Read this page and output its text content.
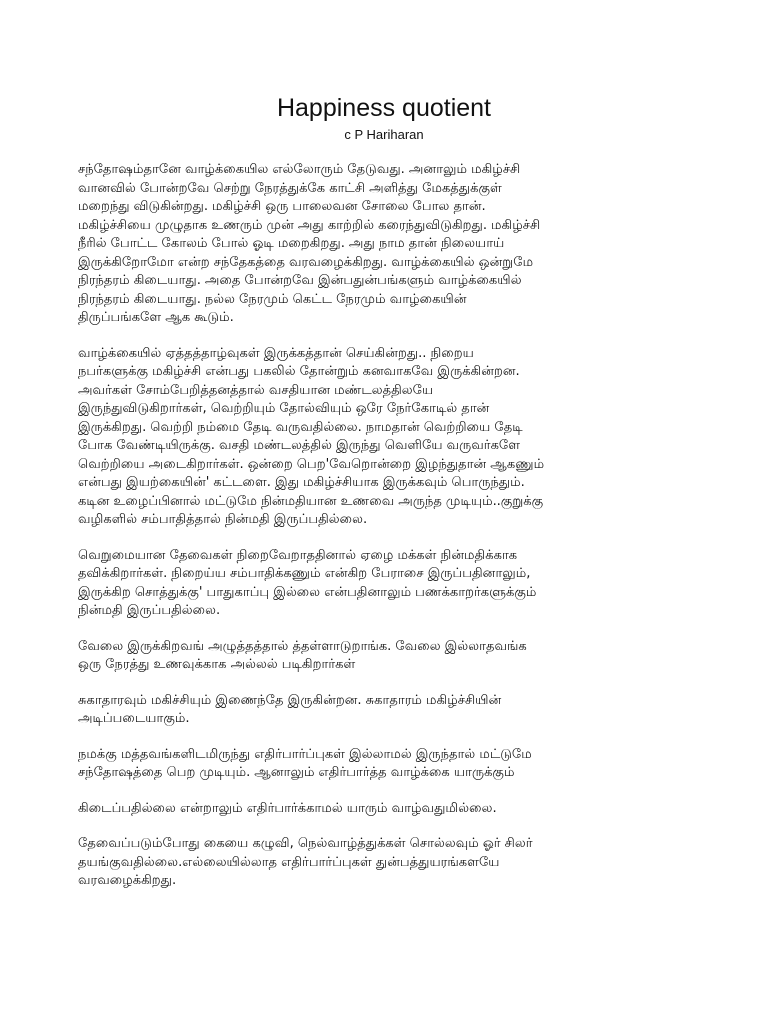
Happiness quotient
c P Hariharan
சந்தோஷம்தானே வாழ்க்கையில எல்லோரும் தேடுவது. அனாலும் மகிழ்ச்சி
வானவில் போன்றவே செற்று நேரத்துக்கே காட்சி அளித்து மேகத்துக்குள்
மறைந்து விடுகின்றது. மகிழ்ச்சி ஒரு பாலைவன சோலை போல தான்.
மகிழ்ச்சியை முழுதாக உணரும் முன் அது காற்றில் கரைந்துவிடுகிறது. மகிழ்ச்சி
நீரில் போட்ட கோலம் போல் ஓடி மறைகிறது. அது நாம தான் நிலையாய்
இருக்கிறோமோ என்ற சந்தேகத்தை வரவழைக்கிறது. வாழ்க்கையில் ஒன்றுமே
நிரந்தரம் கிடையாது. அதை போன்றவே இன்பதுன்பங்களும் வாழ்க்கையில்
நிரந்தரம் கிடையாது. நல்ல நேரமும் கெட்ட நேரமும் வாழ்கையின்
திருப்பங்களே ஆக கூடும்.
வாழ்க்கையில் ஏத்தத்தாழ்வுகள் இருக்கத்தான் செய்கின்றது.. நிறைய
நபர்களுக்கு மகிழ்ச்சி என்பது பகலில் தோன்றும் கனவாகவே இருக்கின்றன.
அவர்கள் சோம்பேறித்தனத்தால் வசதியான மண்டலத்திலயே
இருந்துவிடுகிறார்கள், வெற்றியும் தோல்வியும் ஒரே நேர்கோடில் தான்
இருக்கிறது. வெற்றி நம்மை தேடி வருவதில்லை. நாமதான் வெற்றியை தேடி
போக வேண்டியிருக்கு. வசதி மண்டலத்தில் இருந்து வெளியே வருவர்களே
வெற்றியை அடைகிறார்கள். ஒன்றை பெற'வேறொன்றை இழந்துதான் ஆகணும்
என்பது இயற்கையின்' கட்டளை. இது மகிழ்ச்சியாக இருக்கவும் பொருந்தும்.
கடின உழைப்பினால் மட்டுமே நின்மதியான உணவை அருந்த முடியும்..குறுக்கு
வழிகளில் சம்பாதித்தால் நின்மதி இருப்பதில்லை.
வெறுமையான தேவைகள் நிறைவேறாததினால் ஏழை மக்கள் நின்மதிக்காக
தவிக்கிறார்கள். நிறைய்ய சம்பாதிக்கணும் என்கிற பேராசை இருப்பதினாலும்,
இருக்கிற சொத்துக்கு' பாதுகாப்பு இல்லை என்பதினாலும் பணக்காறர்களுக்கும்
நின்மதி இருப்பதில்லை.
வேலை இருக்கிறவங் அழுத்தத்தால் த்தள்ளாடுறாங்க. வேலை இல்லாதவங்க
ஒரு நேரத்து உணவுக்காக அல்லல் படிகிறார்கள்
சுகாதாரவும் மகிச்சியும் இணைந்தே இருகின்றன. சுகாதாரம் மகிழ்ச்சியின்
அடிப்படையாகும்.
நமக்கு மத்தவங்களிடமிருந்து எதிர்பார்ப்புகள் இல்லாமல் இருந்தால் மட்டுமே
சந்தோஷத்தை பெற முடியும். ஆனாலும் எதிர்பார்த்த வாழ்க்கை யாருக்கும்
கிடைப்பதில்லை என்றாலும் எதிர்பார்க்காமல் யாரும் வாழ்வதுமில்லை.
தேவைப்படும்போது கையை கழுவி, நெல்வாழ்த்துக்கள் சொல்லவும் ஓர் சிலர்
தயங்குவதில்லை.எல்லையில்லாத எதிர்பார்ப்புகள் துன்பத்துயரங்களயே
வரவழைக்கிறது.
